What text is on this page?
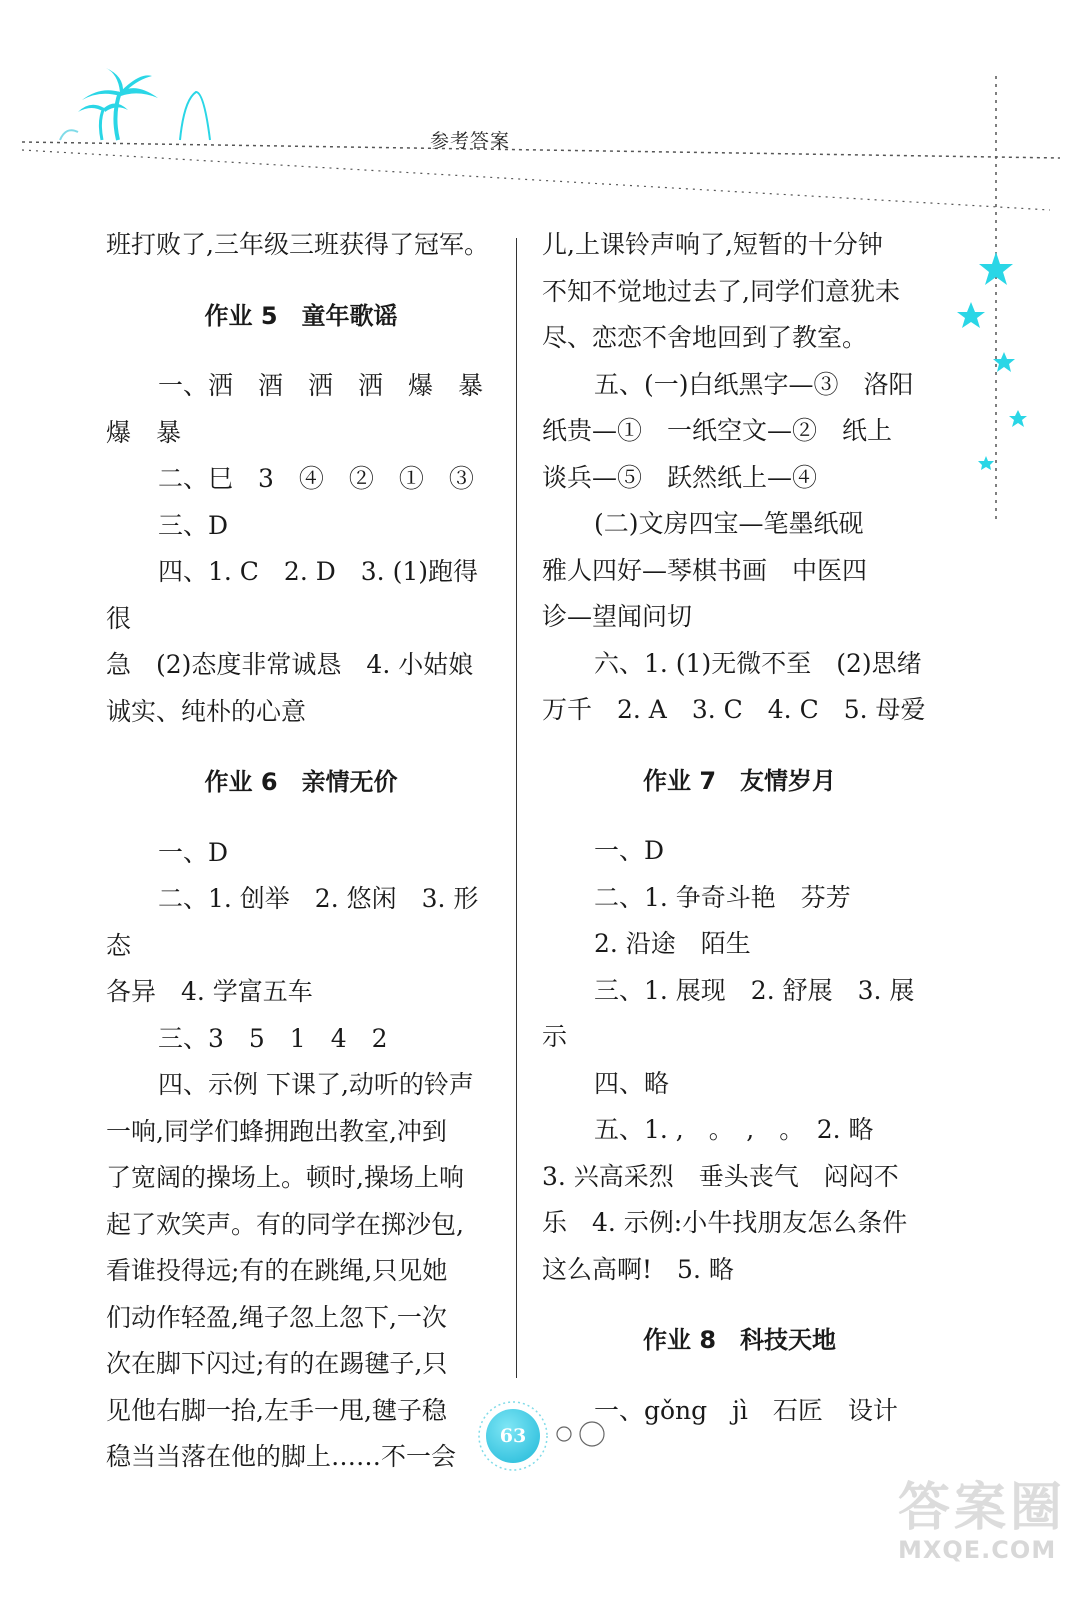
参考答案

班打败了,三年级三班获得了冠军。

作业 5　童年歌谣

一、洒　酒　洒　洒　爆　暴

爆　暴

二、巳　3　④　②　①　③

三、D

四、1. C　2. D　3. (1)跑得很

急　(2)态度非常诚恳　4. 小姑娘

诚实、纯朴的心意

作业 6　亲情无价

一、D

二、1. 创举　2. 悠闲　3. 形态

各异　4. 学富五车

三、3　5　1　4　2

四、示例 下课了,动听的铃声

一响,同学们蜂拥跑出教室,冲到

了宽阔的操场上。顿时,操场上响

起了欢笑声。有的同学在掷沙包,

看谁投得远;有的在跳绳,只见她

们动作轻盈,绳子忽上忽下,一次

次在脚下闪过;有的在踢毽子,只

见他右脚一抬,左手一甩,毽子稳

稳当当落在他的脚上……不一会

儿,上课铃声响了,短暂的十分钟

不知不觉地过去了,同学们意犹未

尽、恋恋不舍地回到了教室。

五、(一)白纸黑字—③　洛阳

纸贵—①　一纸空文—②　纸上

谈兵—⑤　跃然纸上—④

(二)文房四宝—笔墨纸砚

雅人四好—琴棋书画　中医四

诊—望闻问切

六、1. (1)无微不至　(2)思绪

万千　2. A　3. C　4. C　5. 母爱

作业 7　友情岁月

一、D

二、1. 争奇斗艳　芬芳

2. 沿途　陌生

三、1. 展现　2. 舒展　3. 展示

四、略

五、1. ,　。　,　。　2. 略

3. 兴高采烈　垂头丧气　闷闷不

乐　4. 示例:小牛找朋友怎么条件

这么高啊!　5. 略

作业 8　科技天地

一、gǒng　jì　石匠　设计

63
答案圈
MXQE.COM
